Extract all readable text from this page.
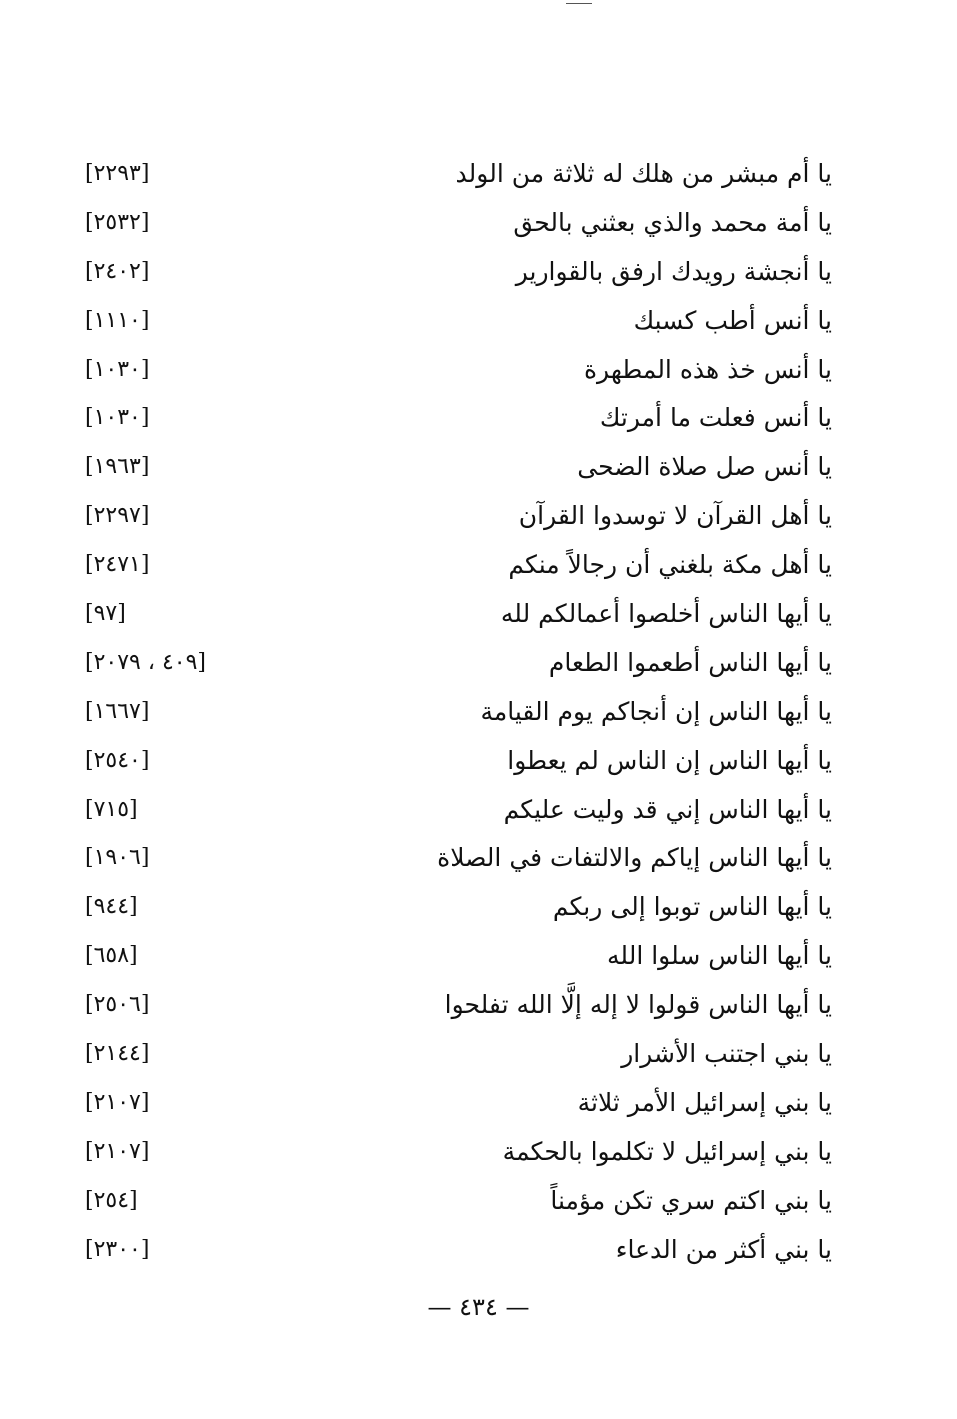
يا أم مبشر من هلك له ثلاثة من الولد
[٢٢٩٣]
يا أمة محمد والذي بعثني بالحق
[٢٥٣٢]
يا أنجشة رويدك ارفق بالقوارير
[٢٤٠٢]
يا أنس أطب كسبك
[١١١٠]
يا أنس خذ هذه المطهرة
[١٠٣٠]
يا أنس فعلت ما أمرتك
[١٠٣٠]
يا أنس صل صلاة الضحى
[١٩٦٣]
يا أهل القرآن لا توسدوا القرآن
[٢٢٩٧]
يا أهل مكة بلغني أن رجالاً منكم
[٢٤٧١]
يا أيها الناس أخلصوا أعمالكم لله
[٩٧]
يا أيها الناس أطعموا الطعام
[٤٠٩ ، ٢٠٧٩]
يا أيها الناس إن أنجاكم يوم القيامة
[١٦٦٧]
يا أيها الناس إن الناس لم يعطوا
[٢٥٤٠]
يا أيها الناس إني قد وليت عليكم
[٧١٥]
يا أيها الناس إياكم والالتفات في الصلاة
[١٩٠٦]
يا أيها الناس توبوا إلى ربكم
[٩٤٤]
يا أيها الناس سلوا الله
[٦٥٨]
يا أيها الناس قولوا لا إله إلَّا الله تفلحوا
[٢٥٠٦]
يا بني اجتنب الأشرار
[٢١٤٤]
يا بني إسرائيل الأمر ثلاثة
[٢١٠٧]
يا بني إسرائيل لا تكلموا بالحكمة
[٢١٠٧]
يا بني اكتم سري تكن مؤمناً
[٢٥٤]
يا بني أكثر من الدعاء
[٢٣٠٠]
— ٤٣٤ —
